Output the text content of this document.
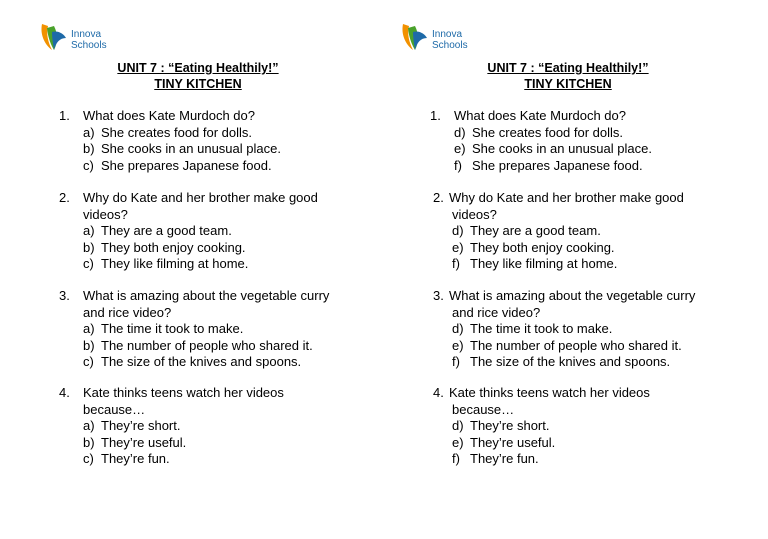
Innova
Schools
UNIT 7 : “Eating Healthily!”
TINY KITCHEN
1.	What does Kate Murdoch do?
a) She creates food for dolls.
b) She cooks in an unusual place.
c) She prepares Japanese food.
2.	Why do Kate and her brother make good
videos?
a) They are a good team.
b) They both enjoy cooking.
c) They like filming at home.
3.	What is amazing about the vegetable curry
and rice video?
a) The time it took to make.
b) The number of people who shared it.
c) The size of the knives and spoons.
4.	Kate thinks teens watch her videos
because…
a) They’re short.
b) They’re useful.
c) They’re fun.
Innova
Schools
UNIT 7 : “Eating Healthily!”
TINY KITCHEN
1.	What does Kate Murdoch do?
d) She creates food for dolls.
e) She cooks in an unusual place.
f) She prepares Japanese food.
2. Why do Kate and her brother make good
videos?
d) They are a good team.
e) They both enjoy cooking.
f) They like filming at home.
3. What is amazing about the vegetable curry
and rice video?
d) The time it took to make.
e) The number of people who shared it.
f) The size of the knives and spoons.
4. Kate thinks teens watch her videos
because…
d) They’re short.
e) They’re useful.
f) They’re fun.
